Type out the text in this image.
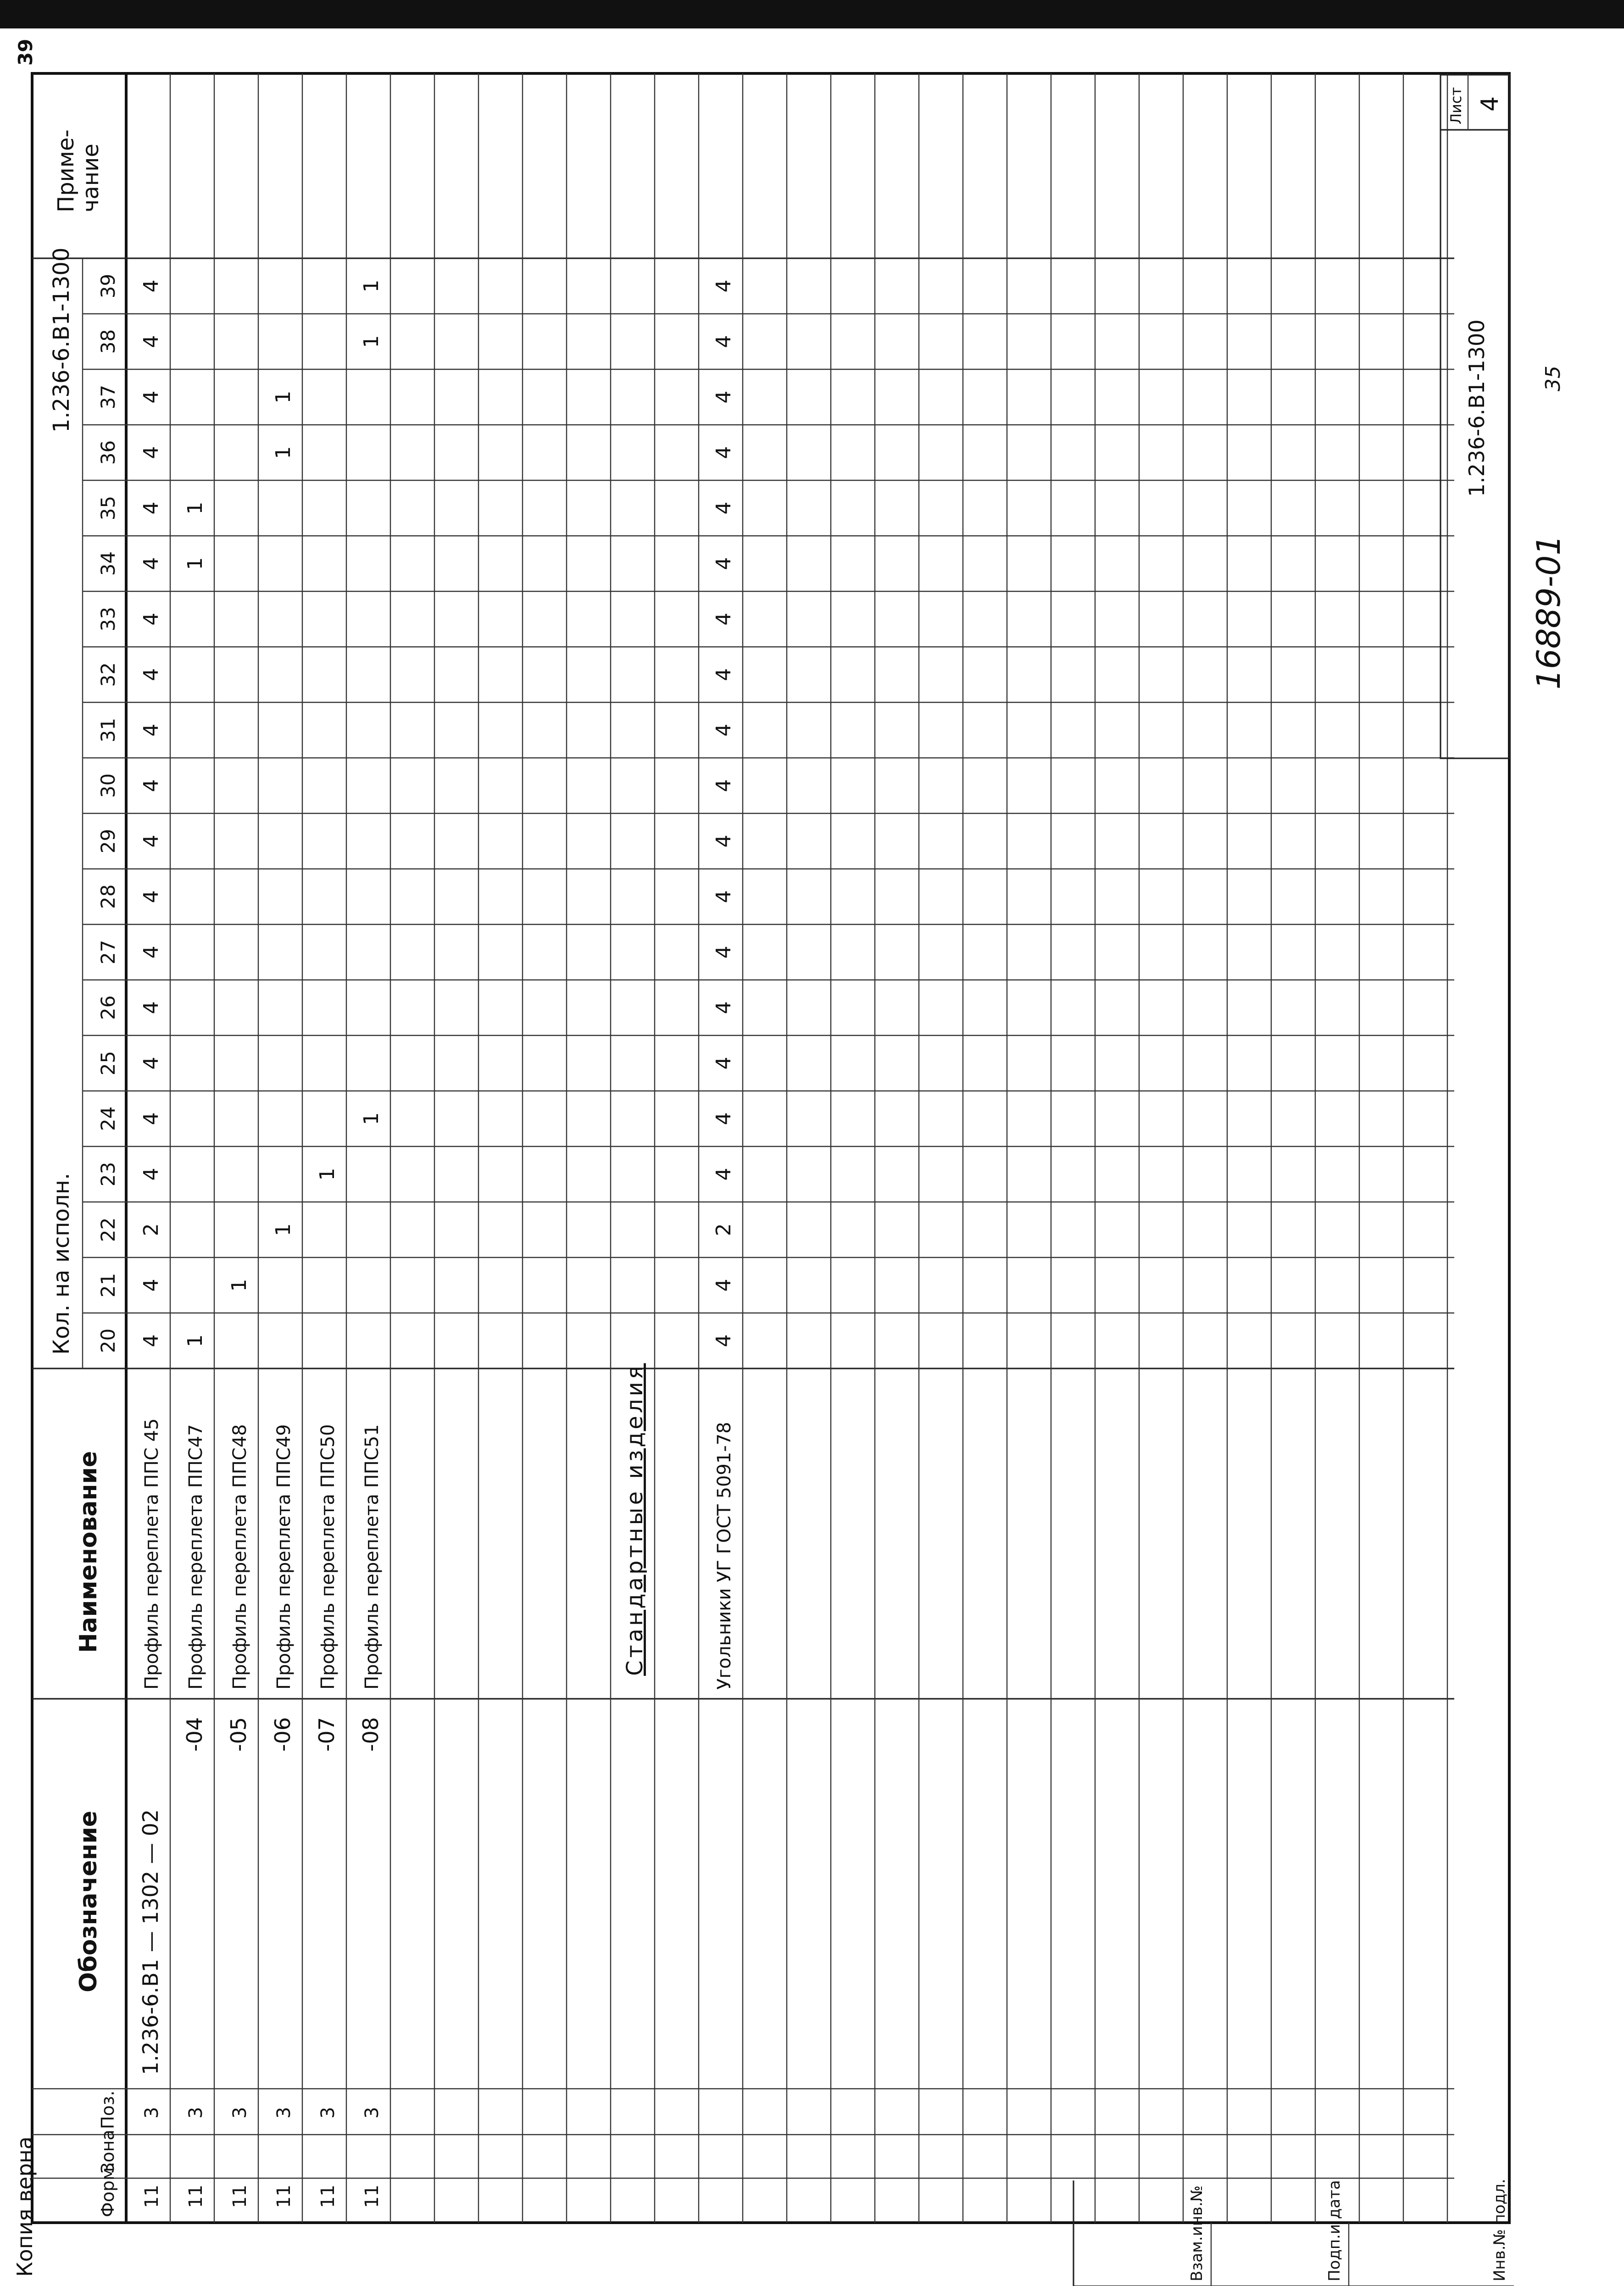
Форм.
Зона
Поз.
Обозначение
Наименование
Кол. на исполн.
1.236-6.В1-1300
Приме-чание
20
21
22
23
24
25
26
27
28
29
30
31
32
33
34
35
36
37
38
39
11
3
1.236-6.В1 — 1302 — 02
Профиль переплета ППС 45
4
4
2
4
4
4
4
4
4
4
4
4
4
4
4
4
4
4
4
4
11
3
-04
Профиль переплета ППС47
1
1
1
11
3
-05
Профиль переплета ППС48
1
11
3
-06
Профиль переплета ППС49
1
1
1
11
3
-07
Профиль переплета ППС50
1
11
3
-08
Профиль переплета ППС51
1
1
1
Стандартные изделия	Угольники УГ ГОСТ 5091-78
4
4
2
4
4
4
4
4
4
4
4
4
4
4
4
4
4
4
4
4
1.236-6.В1-1300
Лист 4
16889-01
35
Копия верна
39
Инв.№ подл.
Подп.и дата
Взам.инв.№
